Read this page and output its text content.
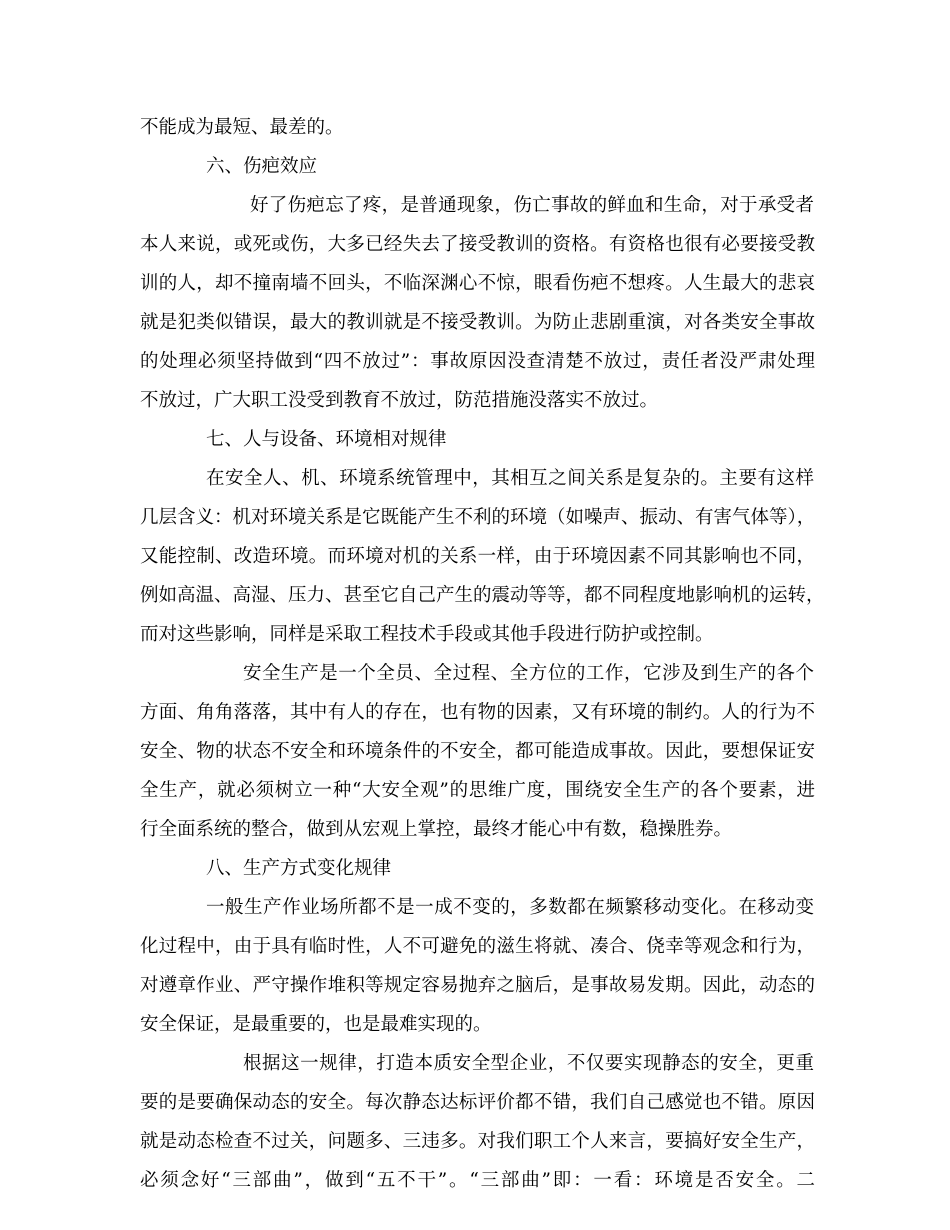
不能成为最短、最差的。
六、伤疤效应
好了伤疤忘了疼，是普通现象，伤亡事故的鲜血和生命，对于承受者
本人来说，或死或伤，大多已经失去了接受教训的资格。有资格也很有必要接受教
训的人，却不撞南墙不回头，不临深渊心不惊，眼看伤疤不想疼。人生最大的悲哀
就是犯类似错误，最大的教训就是不接受教训。为防止悲剧重演，对各类安全事故
的处理必须坚持做到“四不放过”：事故原因没查清楚不放过，责任者没严肃处理
不放过，广大职工没受到教育不放过，防范措施没落实不放过。
七、人与设备、环境相对规律
在安全人、机、环境系统管理中，其相互之间关系是复杂的。主要有这样
几层含义：机对环境关系是它既能产生不利的环境（如噪声、振动、有害气体等），
又能控制、改造环境。而环境对机的关系一样，由于环境因素不同其影响也不同，
例如高温、高湿、压力、甚至它自己产生的震动等等，都不同程度地影响机的运转，
而对这些影响，同样是采取工程技术手段或其他手段进行防护或控制。
安全生产是一个全员、全过程、全方位的工作，它涉及到生产的各个
方面、角角落落，其中有人的存在，也有物的因素，又有环境的制约。人的行为不
安全、物的状态不安全和环境条件的不安全，都可能造成事故。因此，要想保证安
全生产，就必须树立一种“大安全观”的思维广度，围绕安全生产的各个要素，进
行全面系统的整合，做到从宏观上掌控，最终才能心中有数，稳操胜券。
八、生产方式变化规律
一般生产作业场所都不是一成不变的，多数都在频繁移动变化。在移动变
化过程中，由于具有临时性，人不可避免的滋生将就、凑合、侥幸等观念和行为，
对遵章作业、严守操作堆积等规定容易抛弃之脑后，是事故易发期。因此，动态的
安全保证，是最重要的，也是最难实现的。
根据这一规律，打造本质安全型企业，不仅要实现静态的安全，更重
要的是要确保动态的安全。每次静态达标评价都不错，我们自己感觉也不错。原因
就是动态检查不过关，问题多、三违多。对我们职工个人来言，要搞好安全生产，
必须念好“三部曲”，做到“五不干”。“三部曲”即：一看：环境是否安全。二
